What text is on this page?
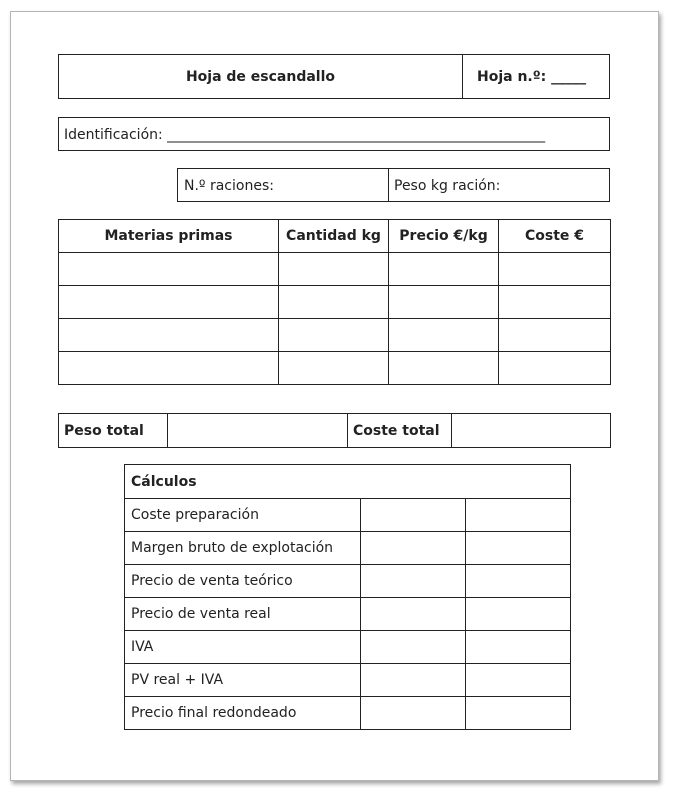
Hoja de escandallo	Hoja n.º: _____
Identificación: ______________________________________________________
N.º raciones:	Peso kg ración:
Materias primas	Cantidad kg	Precio €/kg	Coste €

Peso total		Coste total	
Cálculos		
Coste preparación		
Margen bruto de explotación		
Precio de venta teórico		
Precio de venta real		
IVA		
PV real + IVA		
Precio final redondeado		
